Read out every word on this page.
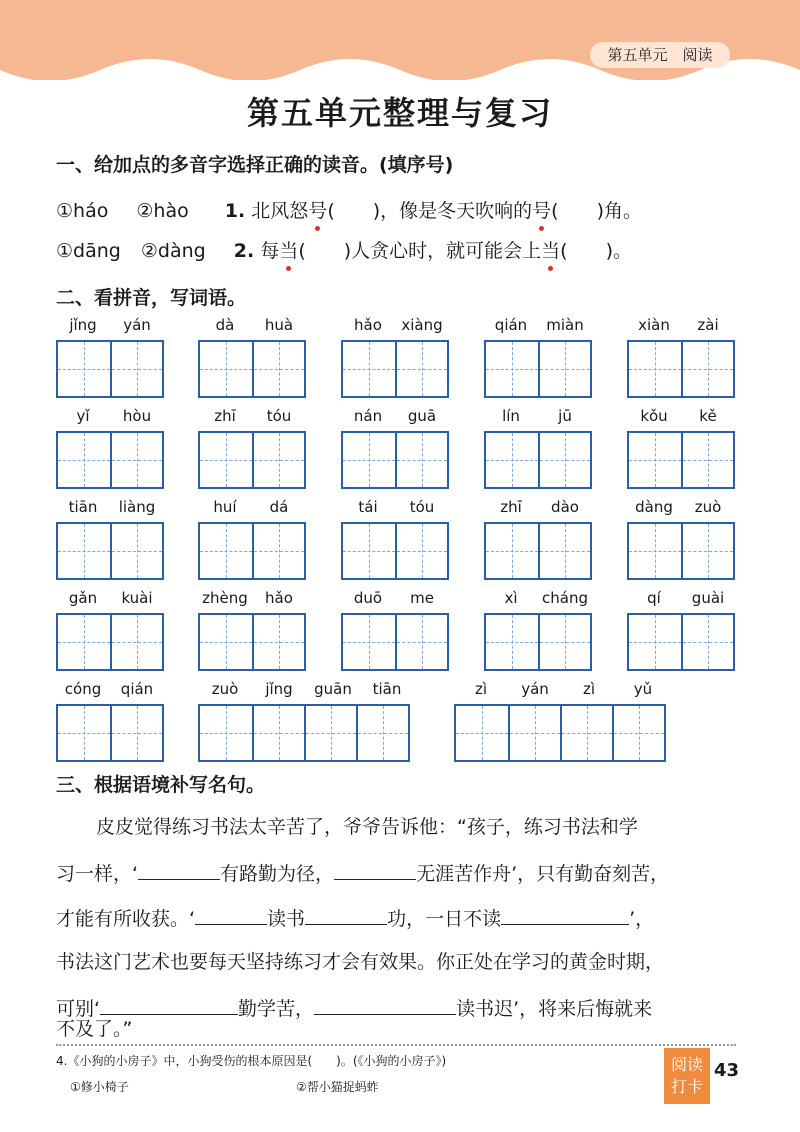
第五单元　阅读
第五单元整理与复习
一、给加点的多音字选择正确的读音。(填序号)
①háo ②hào 1. 北风怒号(　　)，像是冬天吹响的号(　　)角。
①dāng ②dàng 2. 每当(　　)人贪心时，就可能会上当(　　)。
二、看拼音，写词语。
jǐng	yán	dà	huà	hǎo	xiàng	qián	miàn	xiàn	zài
yǐ	hòu	zhī	tóu	nán	guā	lín	jū	kǒu	kě
tiān	liàng	huí	dá	tái	tóu	zhī	dào	dàng	zuò
gǎn	kuài	zhèng	hǎo	duō	me	xì	cháng	qí	guài
cóng	qián	zuò	jǐng	guān	tiān	zì	yán	zì	yǔ
三、根据语境补写名句。
皮皮觉得练习书法太辛苦了，爷爷告诉他：“孩子，练习书法和学
习一样，‘	有路勤为径，	无涯苦作舟’，只有勤奋刻苦，
才能有所收获。‘	读书	功，一日不读	’，
书法这门艺术也要每天坚持练习才会有效果。你正处在学习的黄金时期，
可别‘	勤学苦，	读书迟’，将来后悔就来
不及了。”
4.《小狗的小房子》中，小狗受伤的根本原因是(　　)。(《小狗的小房子》)
①修小椅子	②帮小猫捉蚂蚱
阅读
打卡
43
